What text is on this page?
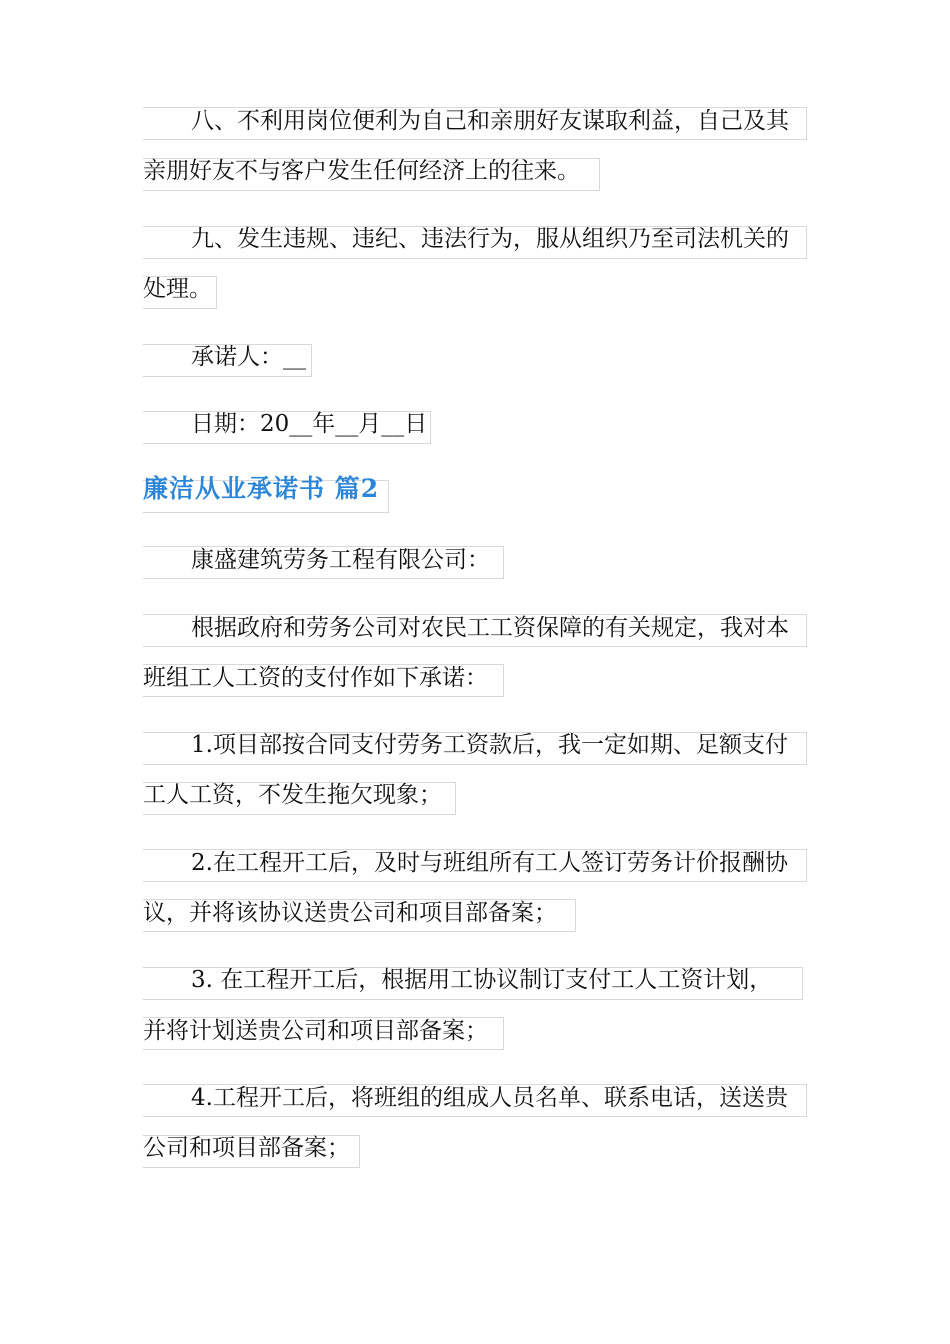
八、不利用岗位便利为自己和亲朋好友谋取利益，自己及其
亲朋好友不与客户发生任何经济上的往来。
九、发生违规、违纪、违法行为，服从组织乃至司法机关的
处理。
承诺人：__
日期：20__年__月__日
廉洁从业承诺书 篇2
康盛建筑劳务工程有限公司：
根据政府和劳务公司对农民工工资保障的有关规定，我对本
班组工人工资的支付作如下承诺：
1.项目部按合同支付劳务工资款后，我一定如期、足额支付
工人工资，不发生拖欠现象；
2.在工程开工后，及时与班组所有工人签订劳务计价报酬协
议，并将该协议送贵公司和项目部备案；
3. 在工程开工后，根据用工协议制订支付工人工资计划，
并将计划送贵公司和项目部备案；
4.工程开工后，将班组的组成人员名单、联系电话，送送贵
公司和项目部备案；
